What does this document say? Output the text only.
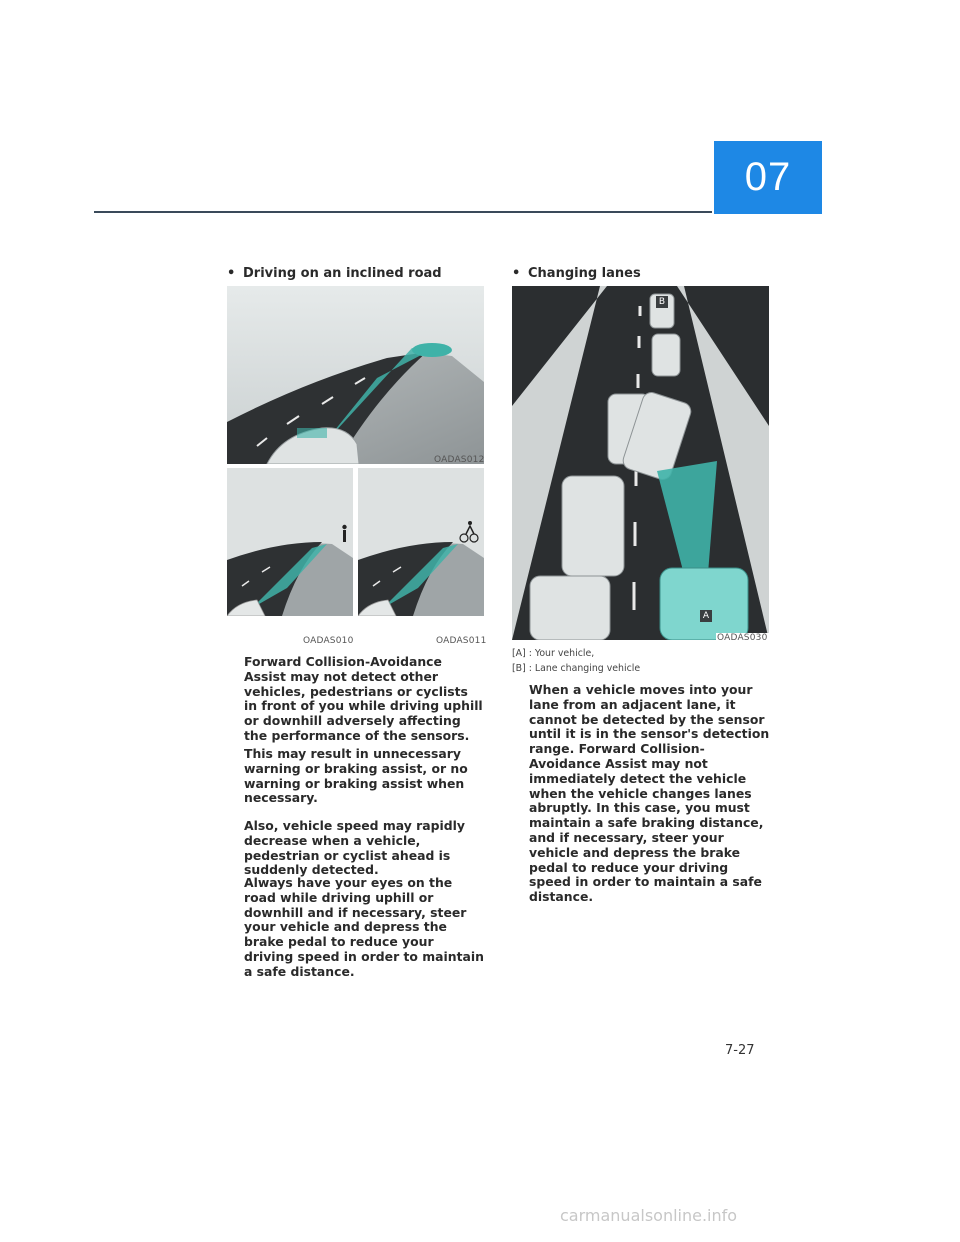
07
• Driving on an inclined road
OADAS012
OADAS010	OADAS011

Forward Collision-Avoidance Assist may not detect other vehicles, pedestrians or cyclists in front of you while driving uphill or downhill adversely affecting the performance of the sensors.

This may result in unnecessary warning or braking assist, or no warning or braking assist when necessary.

Also, vehicle speed may rapidly decrease when a vehicle, pedestrian or cyclist ahead is suddenly detected.

Always have your eyes on the road while driving uphill or downhill and if necessary, steer your vehicle and depress the brake pedal to reduce your driving speed in order to maintain a safe distance.

• Changing lanes
A
B
OADAS030
[A] : Your vehicle,
[B] : Lane changing vehicle

When a vehicle moves into your lane from an adjacent lane, it cannot be detected by the sensor until it is in the sensor's detection range. Forward Collision-Avoidance Assist may not immediately detect the vehicle when the vehicle changes lanes abruptly. In this case, you must maintain a safe braking distance, and if necessary, steer your vehicle and depress the brake pedal to reduce your driving speed in order to maintain a safe distance.

7-27
carmanualsonline.info
